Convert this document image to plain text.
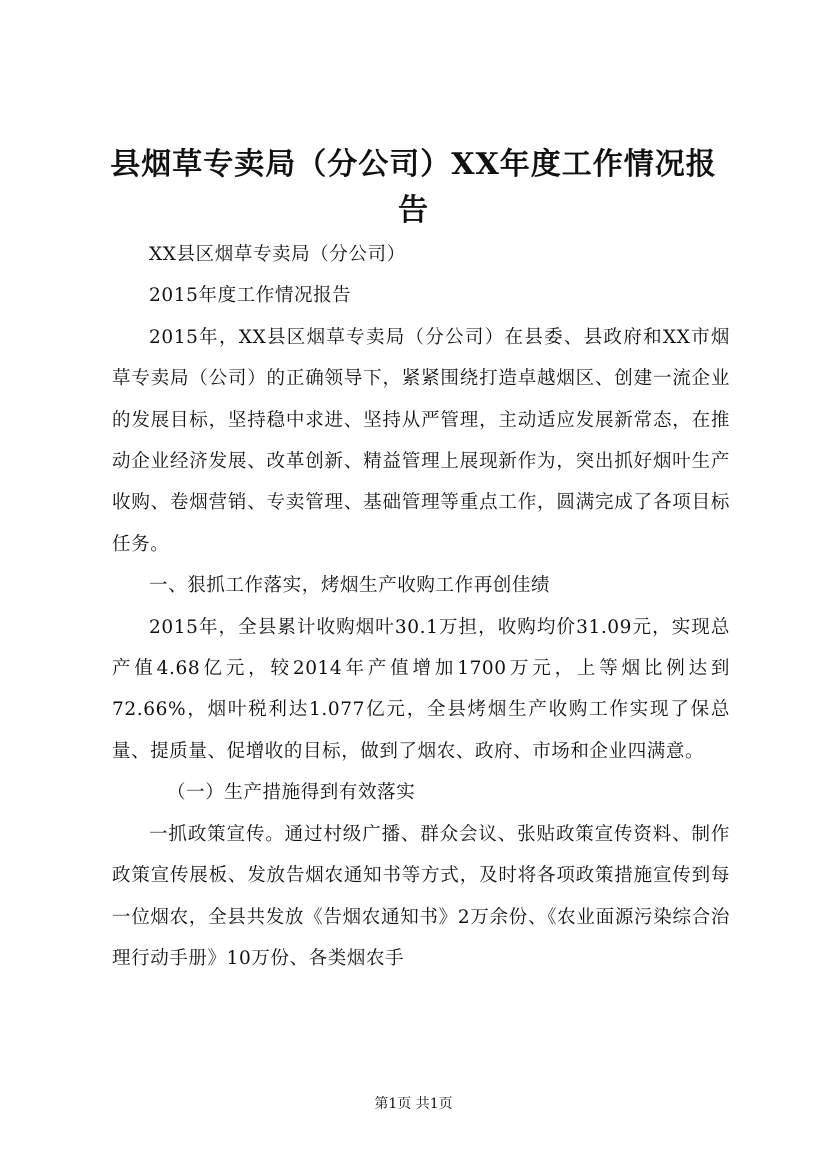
县烟草专卖局（分公司）XX年度工作情况报告

XX县区烟草专卖局（分公司）

2015年度工作情况报告

2015年，XX县区烟草专卖局（分公司）在县委、县政府和XX市烟草专卖局（公司）的正确领导下，紧紧围绕打造卓越烟区、创建一流企业的发展目标，坚持稳中求进、坚持从严管理，主动适应发展新常态，在推动企业经济发展、改革创新、精益管理上展现新作为，突出抓好烟叶生产收购、卷烟营销、专卖管理、基础管理等重点工作，圆满完成了各项目标任务。

一、狠抓工作落实，烤烟生产收购工作再创佳绩

2015年，全县累计收购烟叶30.1万担，收购均价31.09元，实现总产值4.68亿元，较2014年产值增加1700万元，上等烟比例达到72.66%，烟叶税利达1.077亿元，全县烤烟生产收购工作实现了保总量、提质量、促增收的目标，做到了烟农、政府、市场和企业四满意。

（一）生产措施得到有效落实

一抓政策宣传。通过村级广播、群众会议、张贴政策宣传资料、制作政策宣传展板、发放告烟农通知书等方式，及时将各项政策措施宣传到每一位烟农，全县共发放《告烟农通知书》2万余份、《农业面源污染综合治理行动手册》10万份、各类烟农手

第1页 共1页
